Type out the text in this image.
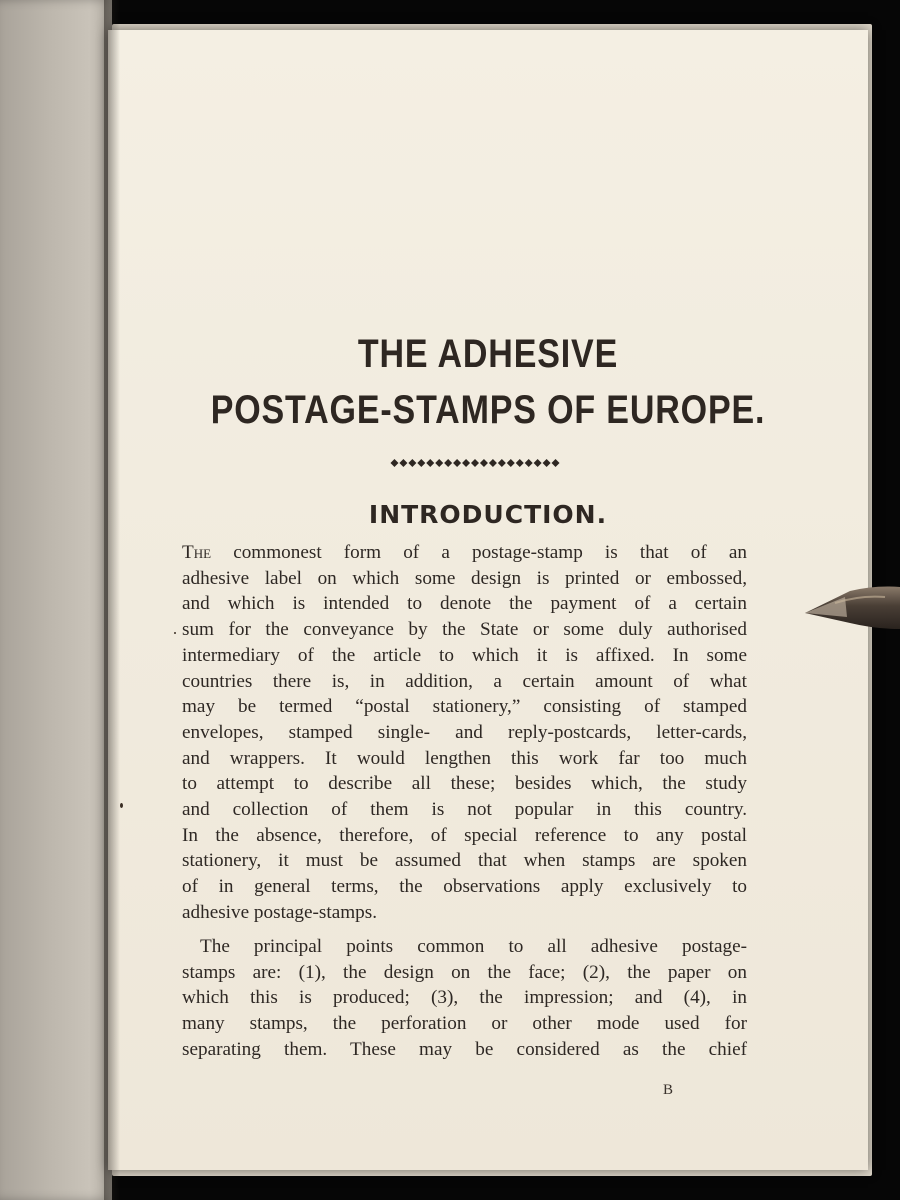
THE ADHESIVE
POSTAGE-STAMPS OF EUROPE.
INTRODUCTION.
The commonest form of a postage-stamp is that of an
adhesive label on which some design is printed or embossed,
and which is intended to denote the payment of a certain
sum for the conveyance by the State or some duly authorised
intermediary of the article to which it is affixed. In some
countries there is, in addition, a certain amount of what
may be termed “postal stationery,” consisting of stamped
envelopes, stamped single- and reply-postcards, letter-cards,
and wrappers. It would lengthen this work far too much
to attempt to describe all these; besides which, the study
and collection of them is not popular in this country.
In the absence, therefore, of special reference to any postal
stationery, it must be assumed that when stamps are spoken
of in general terms, the observations apply exclusively to
adhesive postage-stamps.
The principal points common to all adhesive postage-
stamps are: (1), the design on the face; (2), the paper on
which this is produced; (3), the impression; and (4), in
many stamps, the perforation or other mode used for
separating them. These may be considered as the chief
B
